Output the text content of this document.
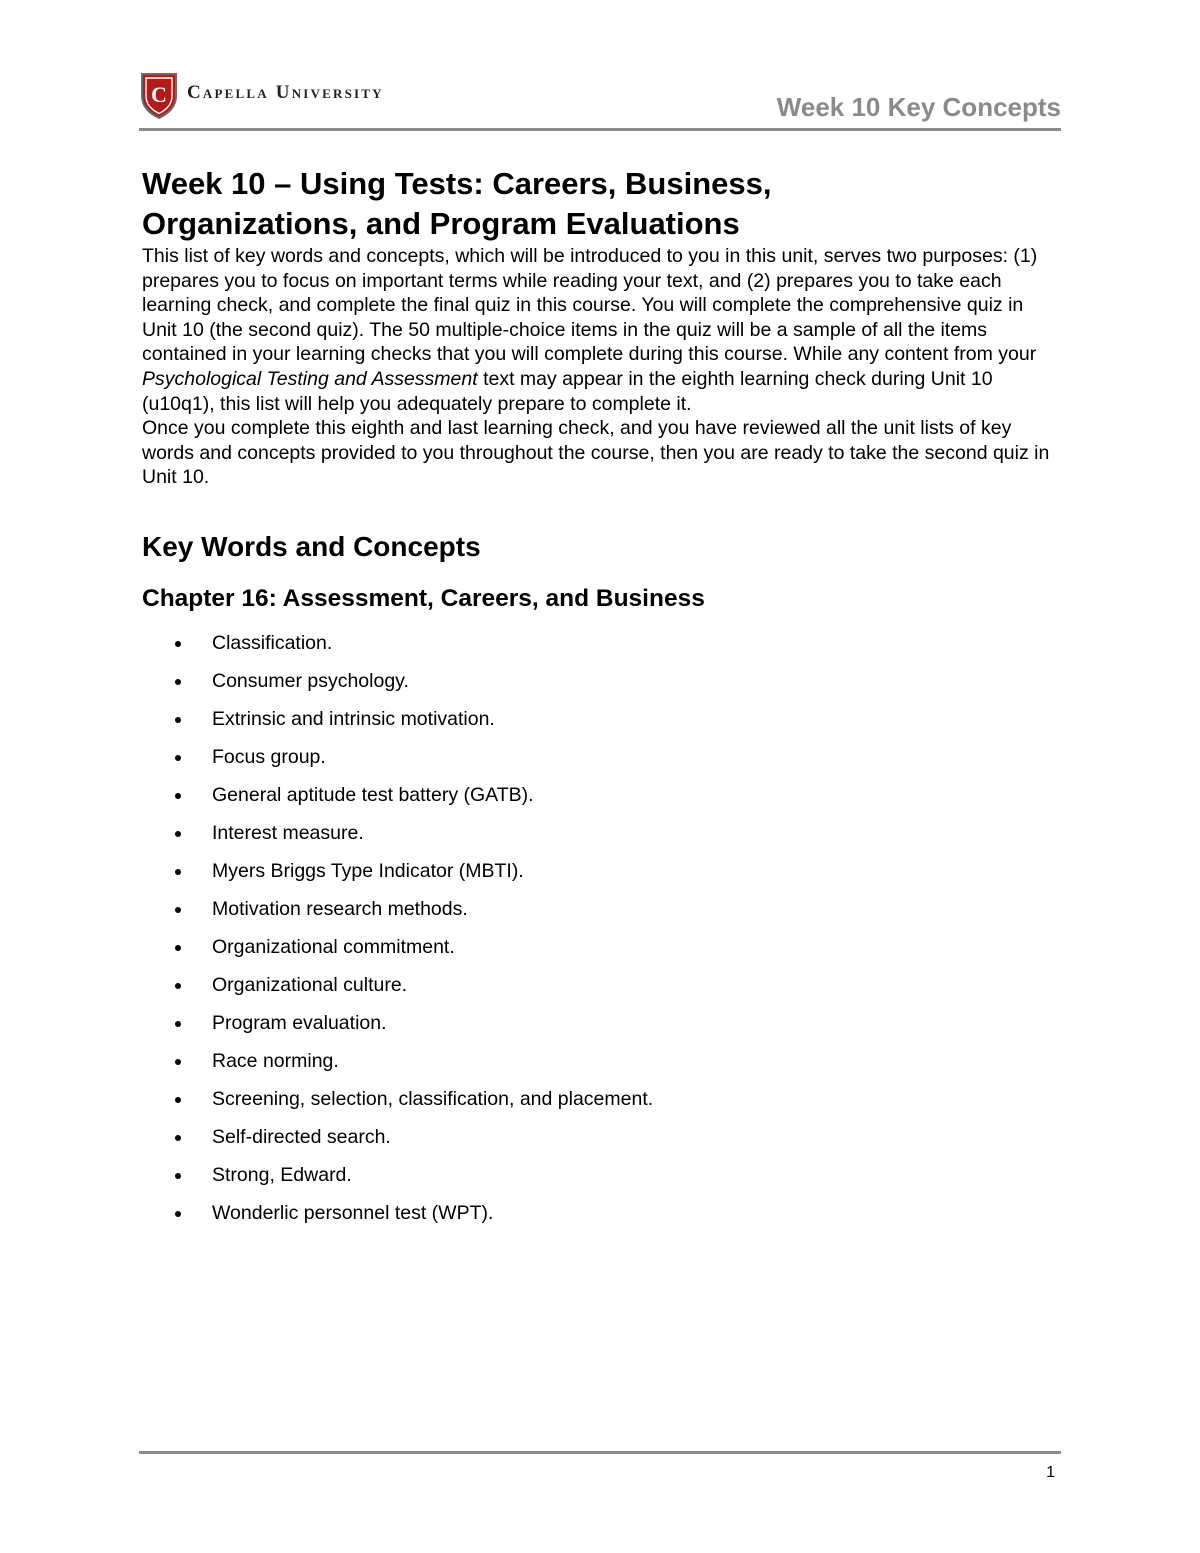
C Capella University	Week 10 Key Concepts
Week 10 – Using Tests: Careers, Business,
Organizations, and Program Evaluations

This list of key words and concepts, which will be introduced to you in this unit, serves two purposes: (1) prepares you to focus on important terms while reading your text, and (2) prepares you to take each learning check, and complete the final quiz in this course. You will complete the comprehensive quiz in Unit 10 (the second quiz). The 50 multiple-choice items in the quiz will be a sample of all the items contained in your learning checks that you will complete during this course. While any content from your Psychological Testing and Assessment text may appear in the eighth learning check during Unit 10 (u10q1), this list will help you adequately prepare to complete it.

Once you complete this eighth and last learning check, and you have reviewed all the unit lists of key words and concepts provided to you throughout the course, then you are ready to take the second quiz in Unit 10.

Key Words and Concepts
Chapter 16: Assessment, Careers, and Business
Classification.
Consumer psychology.
Extrinsic and intrinsic motivation.
Focus group.
General aptitude test battery (GATB).
Interest measure.
Myers Briggs Type Indicator (MBTI).
Motivation research methods.
Organizational commitment.
Organizational culture.
Program evaluation.
Race norming.
Screening, selection, classification, and placement.
Self-directed search.
Strong, Edward.
Wonderlic personnel test (WPT).
1
